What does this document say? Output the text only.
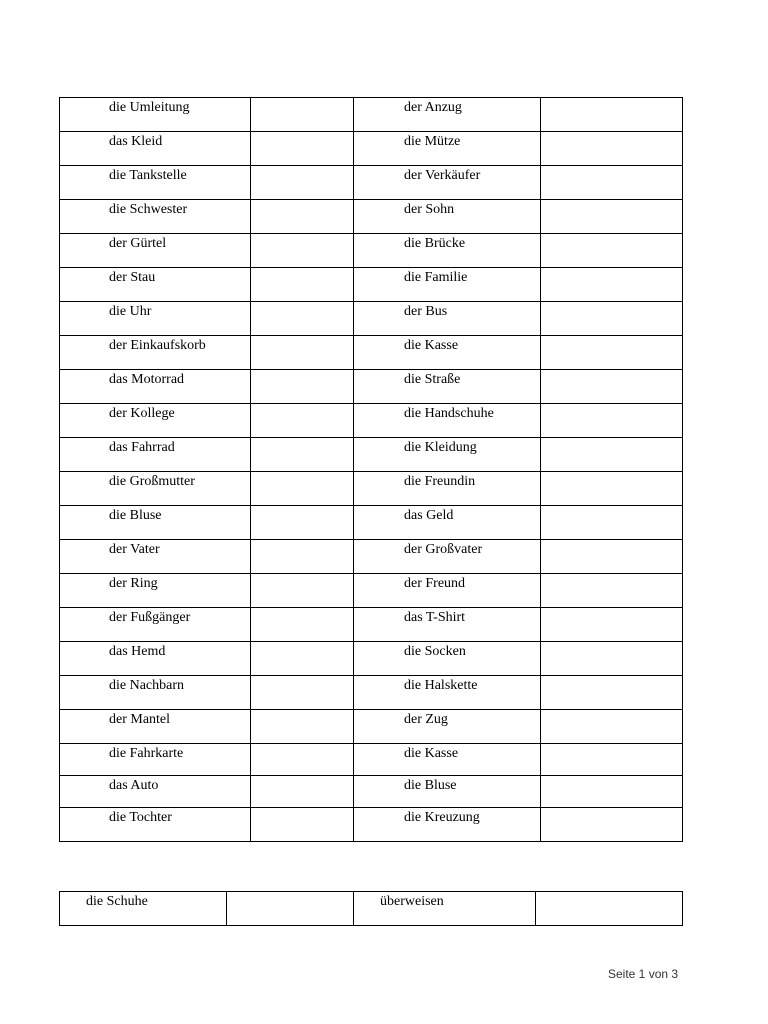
die Umleitung		der Anzug	
das Kleid		die Mütze	
die Tankstelle		der Verkäufer	
die Schwester		der Sohn	
der Gürtel		die Brücke	
der Stau		die Familie	
die Uhr		der Bus	
der Einkaufskorb		die Kasse	
das Motorrad		die Straße	
der Kollege		die Handschuhe	
das Fahrrad		die Kleidung	
die Großmutter		die Freundin	
die Bluse		das Geld	
der Vater		der Großvater	
der Ring		der Freund	
der Fußgänger		das T-Shirt	
das Hemd		die Socken	
die Nachbarn		die Halskette	
der Mantel		der Zug	
die Fahrkarte		die Kasse	
das Auto		die Bluse	
die Tochter		die Kreuzung	
die Schuhe		überweisen	
Seite 1 von 3
